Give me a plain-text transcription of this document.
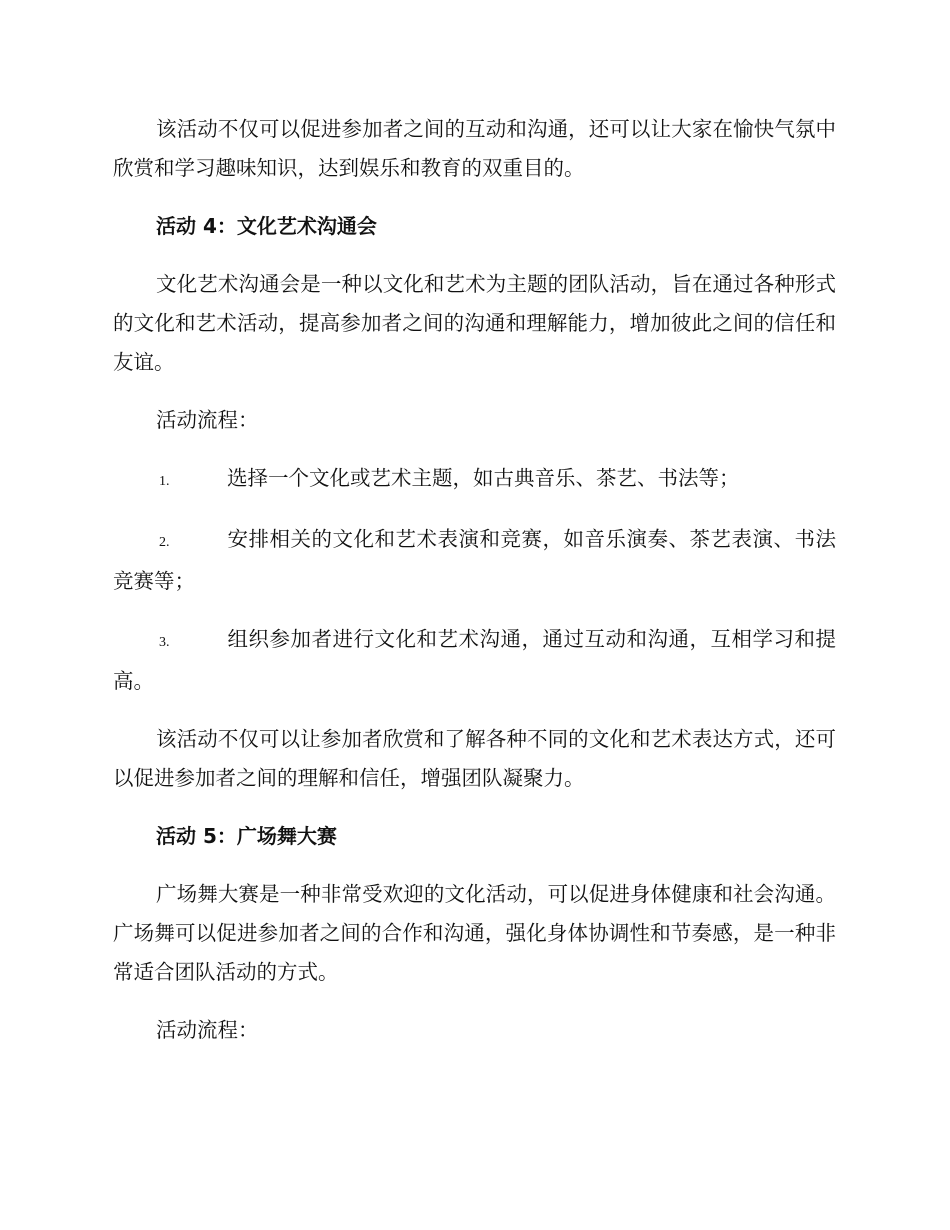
该活动不仅可以促进参加者之间的互动和沟通，还可以让大家在愉快气氛中欣赏和学习趣味知识，达到娱乐和教育的双重目的。

活动 4：文化艺术沟通会

文化艺术沟通会是一种以文化和艺术为主题的团队活动，旨在通过各种形式的文化和艺术活动，提高参加者之间的沟通和理解能力，增加彼此之间的信任和友谊。

活动流程：

1.	选择一个文化或艺术主题，如古典音乐、茶艺、书法等；

2.	安排相关的文化和艺术表演和竞赛，如音乐演奏、茶艺表演、书法竞赛等；

3.	组织参加者进行文化和艺术沟通，通过互动和沟通，互相学习和提高。

该活动不仅可以让参加者欣赏和了解各种不同的文化和艺术表达方式，还可以促进参加者之间的理解和信任，增强团队凝聚力。

活动 5：广场舞大赛

广场舞大赛是一种非常受欢迎的文化活动，可以促进身体健康和社会沟通。广场舞可以促进参加者之间的合作和沟通，强化身体协调性和节奏感，是一种非常适合团队活动的方式。

活动流程：
